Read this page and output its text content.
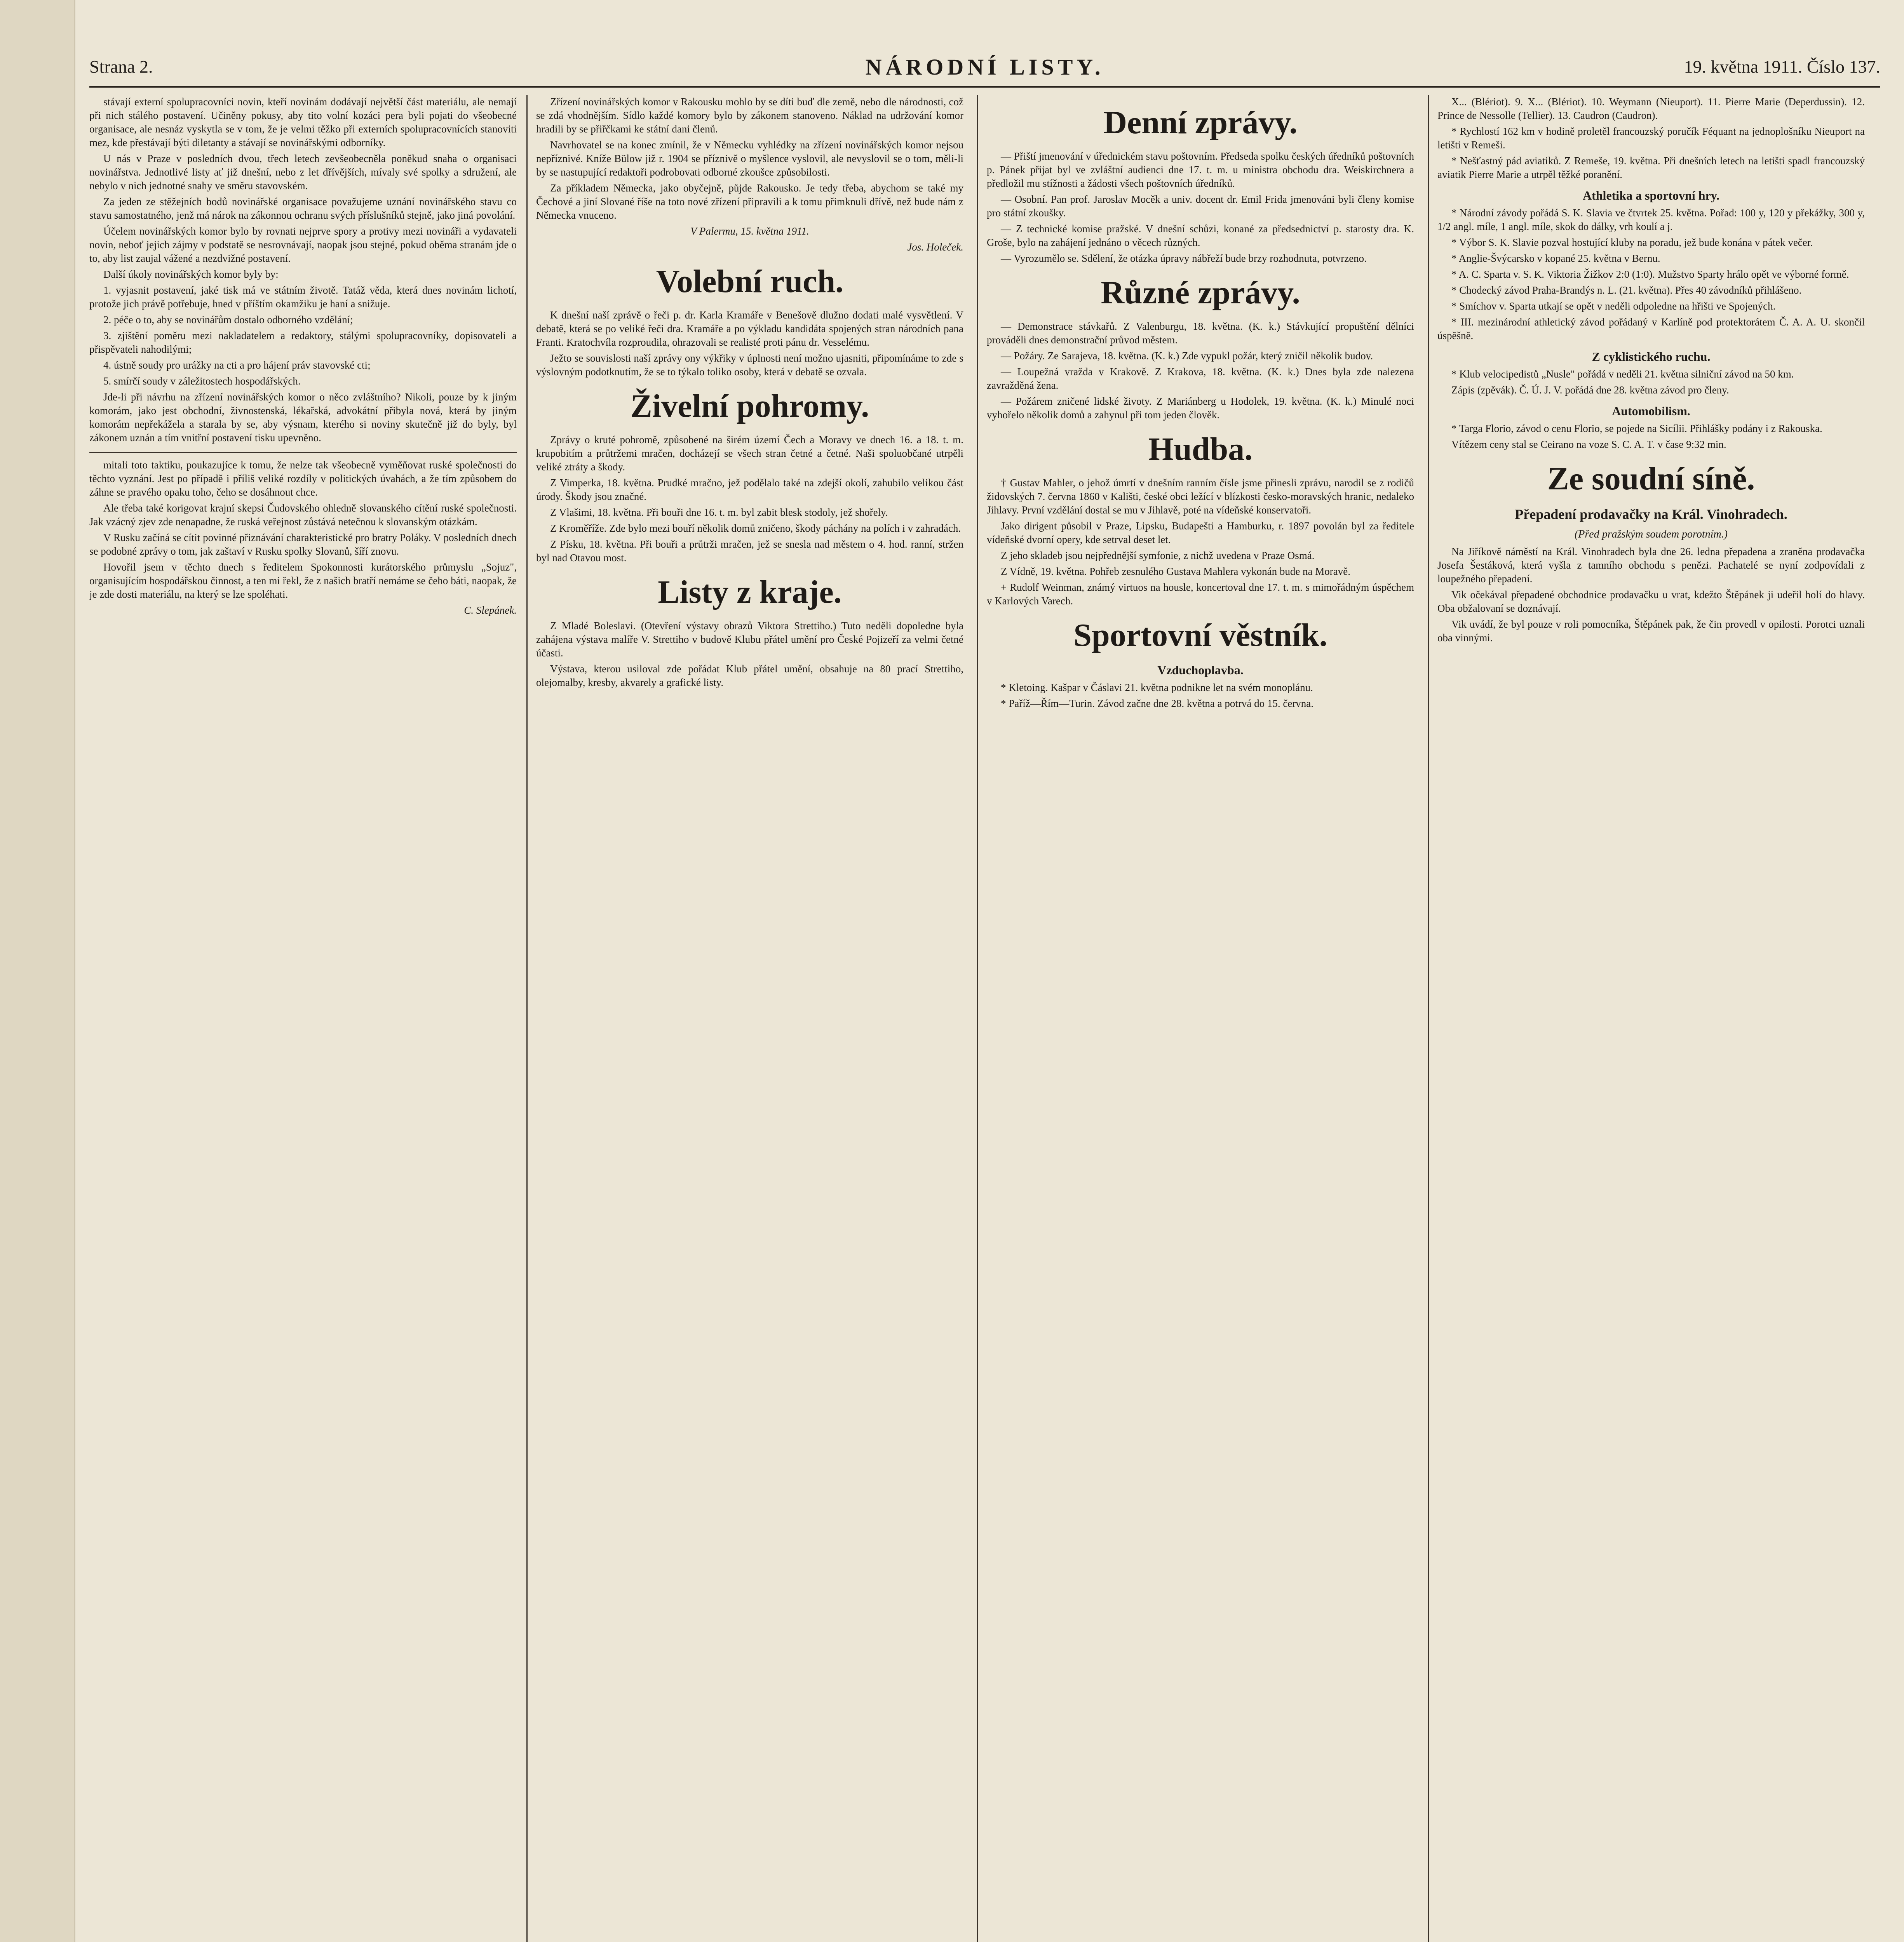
Strana 2.	NÁRODNÍ LISTY.	19. května 1911. Číslo 137.

stávají externí spolupracovníci novin, kteří novinám dodávají největší část materiálu, ale nemají při nich stálého postavení. Učiněny pokusy, aby tito volní kozáci pera byli pojati do všeobecné organisace, ale nesnáz vyskytla se v tom, že je velmi těžko při externích spolupracovnících stanoviti mez, kde přestávají býti diletanty a stávají se novinářskými odborníky.

U nás v Praze v posledních dvou, třech letech zevšeobecněla poněkud snaha o organisaci novinářstva. Jednotlivé listy ať již dnešní, nebo z let dřívějších, mívaly své spolky a sdružení, ale nebylo v nich jednotné snahy ve směru stavovském.

Za jeden ze stěžejních bodů novinářské organisace považujeme uznání novinářského stavu co stavu samostatného, jenž má nárok na zákonnou ochranu svých příslušníků stejně, jako jiná povolání.

Účelem novinářských komor bylo by rovnati nejprve spory a protivy mezi novináři a vydavateli novin, neboť jejich zájmy v podstatě se nesrovnávají, naopak jsou stejné, pokud oběma stranám jde o to, aby list zaujal vážené a nezdvižné postavení.

Další úkoly novinářských komor byly by:

1. vyjasnit postavení, jaké tisk má ve státním životě. Tatáž věda, která dnes novinám lichotí, protože jich právě potřebuje, hned v příštím okamžiku je haní a snižuje.

2. péče o to, aby se novinářům dostalo odborného vzdělání;

3. zjištění poměru mezi nakladatelem a redaktory, stálými spolupracovníky, dopisovateli a přispěvateli nahodilými;

4. ústně soudy pro urážky na cti a pro hájení práv stavovské cti;

5. smírčí soudy v záležitostech hospodářských.

Jde-li při návrhu na zřízení novinářských komor o něco zvláštního? Nikoli, pouze by k jiným komorám, jako jest obchodní, živnostenská, lékařská, advokátní přibyla nová, která by jiným komorám nepřekážela a starala by se, aby výsnam, kterého si noviny skutečně již do byly, byl zákonem uznán a tím vnitřní postavení tisku upevněno.

mitali toto taktiku, poukazujíce k tomu, že nelze tak všeobecně vyměňovat ruské společnosti do těchto vyznání. Jest po případě i příliš veliké rozdíly v politických úvahách, a že tím způsobem do záhne se pravého opaku toho, čeho se dosáhnout chce.

Ale třeba také korigovat krajní skepsi Čudovského ohledně slovanského cítění ruské společnosti. Jak vzácný zjev zde nenapadne, že ruská veřejnost zůstává netečnou k slovanským otázkám.

V Rusku začíná se cítit povinné přiznávání charakteristické pro bratry Poláky. V posledních dnech se podobné zprávy o tom, jak zaštaví v Rusku spolky Slovanů, šíří znovu.

Hovořil jsem v těchto dnech s ředitelem Spokonnosti kurátorského průmyslu „Sojuz", organisujícím hospodářskou činnost, a ten mi řekl, že z našich bratří nemáme se čeho báti, naopak, že je zde dosti materiálu, na který se lze spoléhati.

C. Slepánek.

Zřízení novinářských komor v Rakousku mohlo by se díti buď dle země, nebo dle národnosti, což se zdá vhodnějším. Sídlo každé komory bylo by zákonem stanoveno. Náklad na udržování komor hradili by se přiřčkami ke státní dani členů.

Navrhovatel se na konec zmínil, že v Německu vyhlédky na zřízení novinářských komor nejsou nepříznivé. Kníže Bülow již r. 1904 se příznivě o myšlence vyslovil, ale nevyslovil se o tom, měli-li by se nastupující redaktoři podrobovati odborné zkoušce způsobilosti.

Za příkladem Německa, jako obyčejně, půjde Rakousko. Je tedy třeba, abychom se také my Čechové a jiní Slované říše na toto nové zřízení připravili a k tomu přimknuli dřívě, než bude nám z Německa vnuceno.

V Palermu, 15. května 1911.
Jos. Holeček.
Volební ruch.

K dnešní naší zprávě o řeči p. dr. Karla Kramáře v Benešově dlužno dodati malé vysvětlení. V debatě, která se po veliké řeči dra. Kramáře a po výkladu kandidáta spojených stran národních pana Franti. Kratochvíla rozproudila, ohrazovali se realisté proti pánu dr. Vesselému.

Ježto se souvislosti naší zprávy ony výkřiky v úplnosti není možno ujasniti, připomínáme to zde s výslovným podotknutím, že se to týkalo toliko osoby, která v debatě se ozvala.

Živelní pohromy.

Zprávy o kruté pohromě, způsobené na širém území Čech a Moravy ve dnech 16. a 18. t. m. krupobitím a průtržemi mračen, docházejí se všech stran četné a četné. Naši spoluobčané utrpěli veliké ztráty a škody.

Z Vimperka, 18. května. Prudké mračno, jež podělalo také na zdejší okolí, zahubilo velikou část úrody. Škody jsou značné.

Z Vlašimi, 18. května. Při bouři dne 16. t. m. byl zabit blesk stodoly, jež shořely.

Z Kroměříže. Zde bylo mezi bouří několik domů zničeno, škody páchány na polích i v zahradách.

Z Písku, 18. května. Při bouři a průtrži mračen, jež se snesla nad městem o 4. hod. ranní, stržen byl nad Otavou most.

Listy z kraje.

Z Mladé Boleslavi. (Otevření výstavy obrazů Viktora Strettiho.) Tuto neděli dopoledne byla zahájena výstava malíře V. Strettiho v budově Klubu přátel umění pro České Pojizeří za velmi četné účasti.

Výstava, kterou usiloval zde pořádat Klub přátel umění, obsahuje na 80 prací Strettiho, olejomalby, kresby, akvarely a grafické listy.

Denní zprávy.

— Přiští jmenování v úřednickém stavu poštovním. Předseda spolku českých úředníků poštovních p. Pánek přijat byl ve zvláštní audienci dne 17. t. m. u ministra obchodu dra. Weiskirchnera a předložil mu stížnosti a žádosti všech poštovních úředníků.

— Osobní. Pan prof. Jaroslav Mocěk a univ. docent dr. Emil Frida jmenováni byli členy komise pro státní zkoušky.

— Z technické komise pražské. V dnešní schůzi, konané za předsednictví p. starosty dra. K. Groše, bylo na zahájení jednáno o věcech různých.

— Vyrozumělo se. Sdělení, že otázka úpravy nábřeží bude brzy rozhodnuta, potvrzeno.

Různé zprávy.

— Demonstrace stávkařů. Z Valenburgu, 18. května. (K. k.) Stávkující propuštění dělníci prováděli dnes demonstrační průvod městem.

— Požáry. Ze Sarajeva, 18. května. (K. k.) Zde vypukl požár, který zničil několik budov.

— Loupežná vražda v Krakově. Z Krakova, 18. května. (K. k.) Dnes byla zde nalezena zavražděná žena.

— Požárem zničené lidské životy. Z Mariánberg u Hodolek, 19. května. (K. k.) Minulé noci vyhořelo několik domů a zahynul při tom jeden člověk.

Hudba.

† Gustav Mahler, o jehož úmrtí v dnešním ranním čísle jsme přinesli zprávu, narodil se z rodičů židovských 7. června 1860 v Kališti, české obci ležící v blízkosti česko-moravských hranic, nedaleko Jihlavy. První vzdělání dostal se mu v Jihlavě, poté na vídeňské konservatoři.

Jako dirigent působil v Praze, Lipsku, Budapešti a Hamburku, r. 1897 povolán byl za ředitele vídeňské dvorní opery, kde setrval deset let.

Z jeho skladeb jsou nejpřednější symfonie, z nichž uvedena v Praze Osmá.

Z Vídně, 19. května. Pohřeb zesnulého Gustava Mahlera vykonán bude na Moravě.

+ Rudolf Weinman, známý virtuos na housle, koncertoval dne 17. t. m. s mimořádným úspěchem v Karlových Varech.

Sportovní věstník.
Vzduchoplavba.

* Kletoing. Kašpar v Čáslavi 21. května podnikne let na svém monoplánu.

* Paříž—Řím—Turin. Závod začne dne 28. května a potrvá do 15. června.

X... (Blériot). 9. X... (Blériot). 10. Weymann (Nieuport). 11. Pierre Marie (Deperdussin). 12. Prince de Nessolle (Tellier). 13. Caudron (Caudron).

* Rychlostí 162 km v hodině proletěl francouzský poručík Féquant na jednoplošníku Nieuport na letišti v Remeši.

* Nešťastný pád aviatiků. Z Remeše, 19. května. Při dnešních letech na letišti spadl francouzský aviatik Pierre Marie a utrpěl těžké poranění.

Athletika a sportovní hry.

* Národní závody pořádá S. K. Slavia ve čtvrtek 25. května. Pořad: 100 y, 120 y překážky, 300 y, 1/2 angl. míle, 1 angl. míle, skok do dálky, vrh koulí a j.

* Výbor S. K. Slavie pozval hostující kluby na poradu, jež bude konána v pátek večer.

* Anglie-Švýcarsko v kopané 25. května v Bernu.

* A. C. Sparta v. S. K. Viktoria Žižkov 2:0 (1:0). Mužstvo Sparty hrálo opět ve výborné formě.

* Chodecký závod Praha-Brandýs n. L. (21. května). Přes 40 závodníků přihlášeno.

* Smíchov v. Sparta utkají se opět v neděli odpoledne na hřišti ve Spojených.

* III. mezinárodní athletický závod pořádaný v Karlíně pod protektorátem Č. A. A. U. skončil úspěšně.

Z cyklistického ruchu.

* Klub velocipedistů „Nusle" pořádá v neděli 21. května silniční závod na 50 km.

Zápis (zpěvák). Č. Ú. J. V. pořádá dne 28. května závod pro členy.

Automobilism.

* Targa Florio, závod o cenu Florio, se pojede na Sicílii. Přihlášky podány i z Rakouska.

Vítězem ceny stal se Ceirano na voze S. C. A. T. v čase 9:32 min.

Ze soudní síně.
Přepadení prodavačky na Král. Vinohradech.
(Před pražským soudem porotním.)

Na Jiříkově náměstí na Král. Vinohradech byla dne 26. ledna přepadena a zraněna prodavačka Josefa Šestáková, která vyšla z tamního obchodu s penězi. Pachatelé se nyní zodpovídali z loupežného přepadení.

Vik očekával přepadené obchodnice prodavačku u vrat, kdežto Štěpánek ji udeřil holí do hlavy. Oba obžalovaní se doznávají.

Vik uvádí, že byl pouze v roli pomocníka, Štěpánek pak, že čin provedl v opilosti. Porotci uznali oba vinnými.
